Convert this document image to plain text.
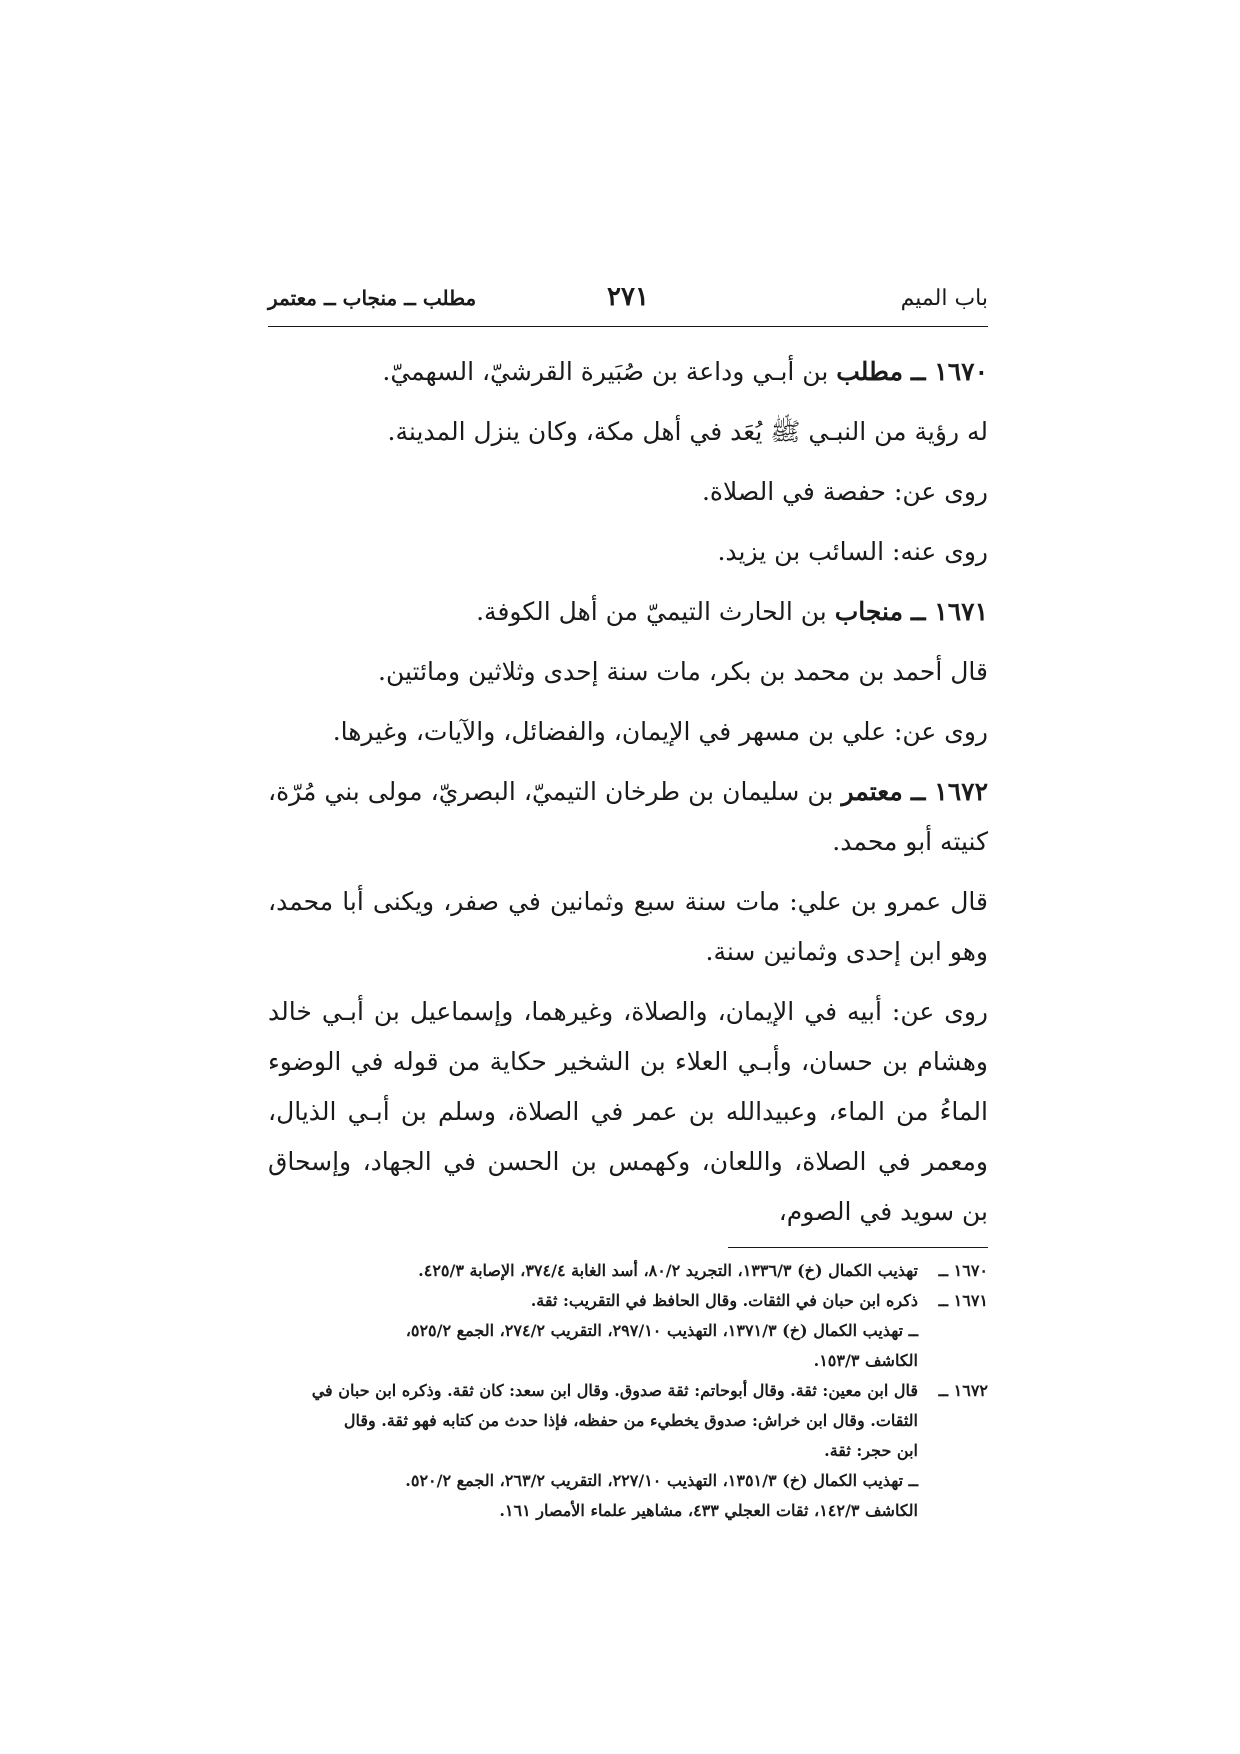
باب الميم
٢٧١
مطلب ــ منجاب ــ معتمر

١٦٧٠ ــ مطلب بن أبـي وداعة بن صُبَيرة القرشيّ، السهميّ.

له رؤية من النبـي ﷺ يُعَد في أهل مكة، وكان ينزل المدينة.

روى عن: حفصة في الصلاة.

روى عنه: السائب بن يزيد.

١٦٧١ ــ منجاب بن الحارث التيميّ من أهل الكوفة.

قال أحمد بن محمد بن بكر، مات سنة إحدى وثلاثين ومائتين.

روى عن: علي بن مسهر في الإيمان، والفضائل، والآيات، وغيرها.

١٦٧٢ ــ معتمر بن سليمان بن طرخان التيميّ، البصريّ، مولى بني مُرّة، كنيته أبو محمد.

قال عمرو بن علي: مات سنة سبع وثمانين في صفر، ويكنى أبا محمد، وهو ابن إحدى وثمانين سنة.

روى عن: أبيه في الإيمان، والصلاة، وغيرهما، وإسماعيل بن أبـي خالد وهشام بن حسان، وأبـي العلاء بن الشخير حكاية من قوله في الوضوء الماءُ من الماء، وعبيدالله بن عمر في الصلاة، وسلم بن أبـي الذيال، ومعمر في الصلاة، واللعان، وكهمس بن الحسن في الجهاد، وإسحاق بن سويد في الصوم،

١٦٧٠ ــ
تهذيب الكمال (خ) ١٣٣٦/٣، التجريد ٨٠/٢، أسد الغابة ٣٧٤/٤، الإصابة ٤٢٥/٣.
١٦٧١ ــ
ذكره ابن حبان في الثقات. وقال الحافظ في التقريب: ثقة.
ــ تهذيب الكمال (خ) ١٣٧١/٣، التهذيب ٢٩٧/١٠، التقريب ٢٧٤/٢، الجمع ٥٢٥/٢،
الكاشف ١٥٣/٣.
١٦٧٢ ــ
قال ابن معين: ثقة. وقال أبوحاتم: ثقة صدوق. وقال ابن سعد: كان ثقة. وذكره ابن حبان في
الثقات. وقال ابن خراش: صدوق يخطيء من حفظه، فإذا حدث من كتابه فهو ثقة. وقال
ابن حجر: ثقة.
ــ تهذيب الكمال (خ) ١٣٥١/٣، التهذيب ٢٢٧/١٠، التقريب ٢٦٣/٢، الجمع ٥٢٠/٢.
الكاشف ١٤٢/٣، ثقات العجلي ٤٣٣، مشاهير علماء الأمصار ١٦١.
